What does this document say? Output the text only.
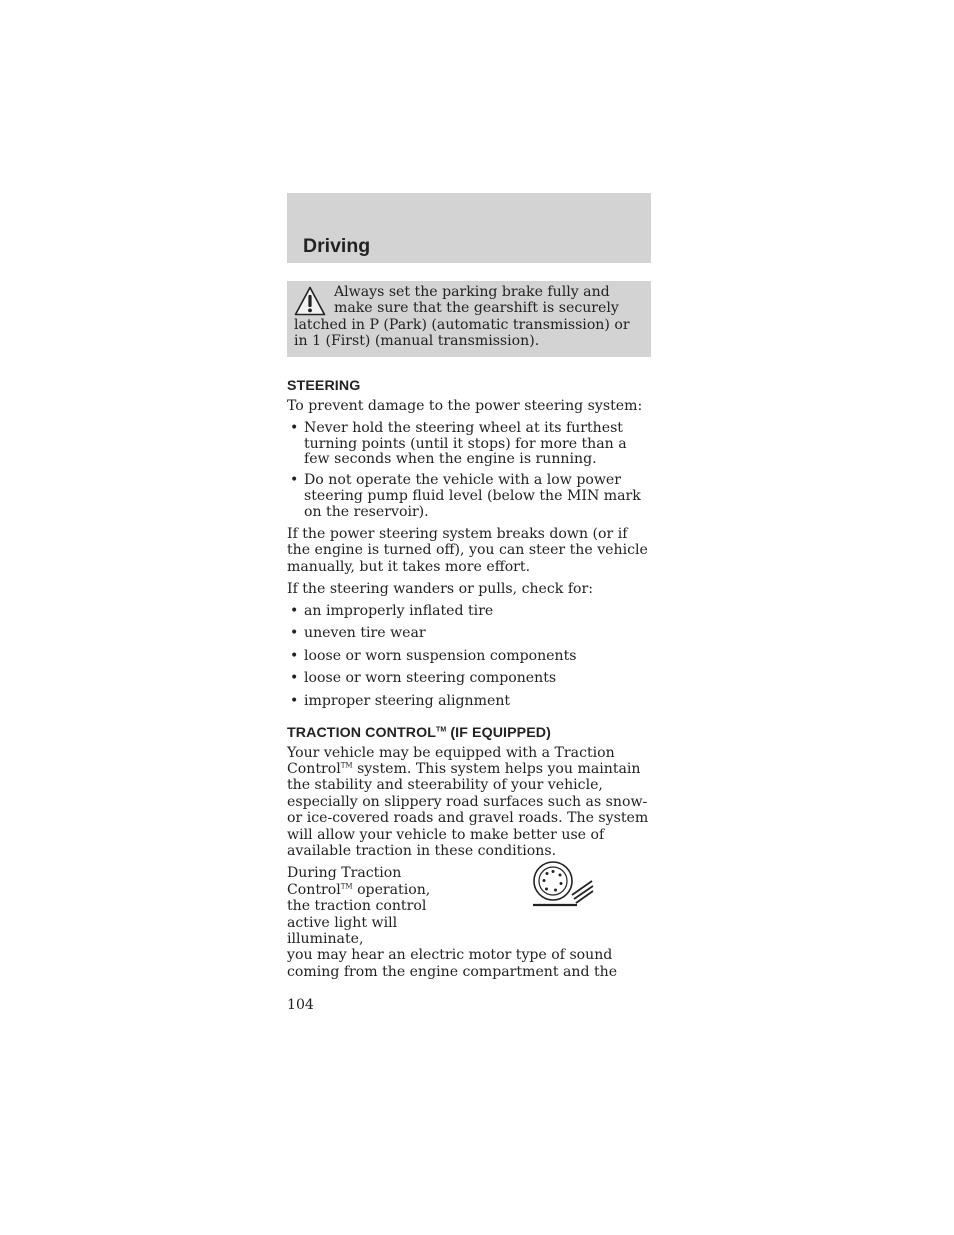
Driving
Always set the parking brake fully and make sure that the gearshift is securely latched in P (Park) (automatic transmission) or in 1 (First) (manual transmission).
STEERING

To prevent damage to the power steering system:

• Never hold the steering wheel at its furthest turning points (until it stops) for more than a few seconds when the engine is running.
• Do not operate the vehicle with a low power steering pump fluid level (below the MIN mark on the reservoir).

If the power steering system breaks down (or if the engine is turned off), you can steer the vehicle manually, but it takes more effort.

If the steering wanders or pulls, check for:

• an improperly inflated tire
• uneven tire wear
• loose or worn suspension components
• loose or worn steering components
• improper steering alignment
TRACTION CONTROL™ (IF EQUIPPED)

Your vehicle may be equipped with a Traction Control™ system. This system helps you maintain the stability and steerability of your vehicle, especially on slippery road surfaces such as snow- or ice-covered roads and gravel roads. The system will allow your vehicle to make better use of available traction in these conditions.

During Traction Control™ operation, the traction control active light will illuminate,
you may hear an electric motor type of sound coming from the engine compartment and the

104
